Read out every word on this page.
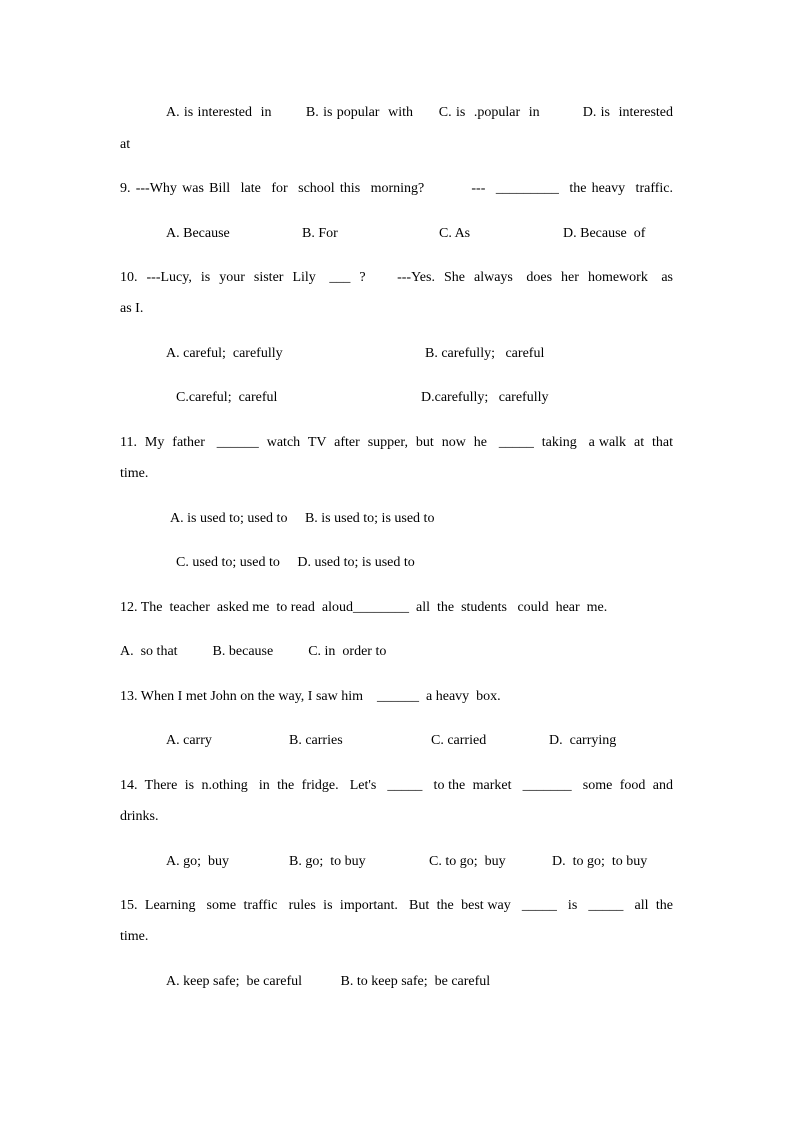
A. is interested  in        B. is popular  with      C. is  .popular  in          D. is  interested
at
9. ---Why was Bill  late  for  school this  morning?         ---  _________  the heavy  traffic.
A. Because	B. For	C. As	D. Because  of
10.  ---Lucy,  is  your  sister  Lily   ___  ?       ---Yes.  She  always   does  her  homework   as
as I.
A. careful;  carefully	B. carefully;   careful
C.careful;  careful	D.carefully;   carefully
11.  My  father   ______  watch  TV  after  supper,  but  now  he   _____  taking   a walk  at  that
time.
A. is used to; used to     B. is used to; is used to
C. used to; used to     D. used to; is used to
12. The  teacher  asked me  to read  aloud________  all  the  students   could  hear  me.
A.  so that          B. because          C. in  order to
13. When I met John on the way, I saw him    ______  a heavy  box.
A. carry	B. carries	C. carried	D.  carrying
14.  There  is  n.othing   in  the  fridge.   Let's   _____   to the  market   _______   some  food  and
drinks.
A. go;  buy	B. go;  to buy	C. to go;  buy	D.  to go;  to buy
15.  Learning   some  traffic   rules  is  important.   But  the  best way   _____   is   _____   all  the
time.
A. keep safe;  be careful           B. to keep safe;  be careful
